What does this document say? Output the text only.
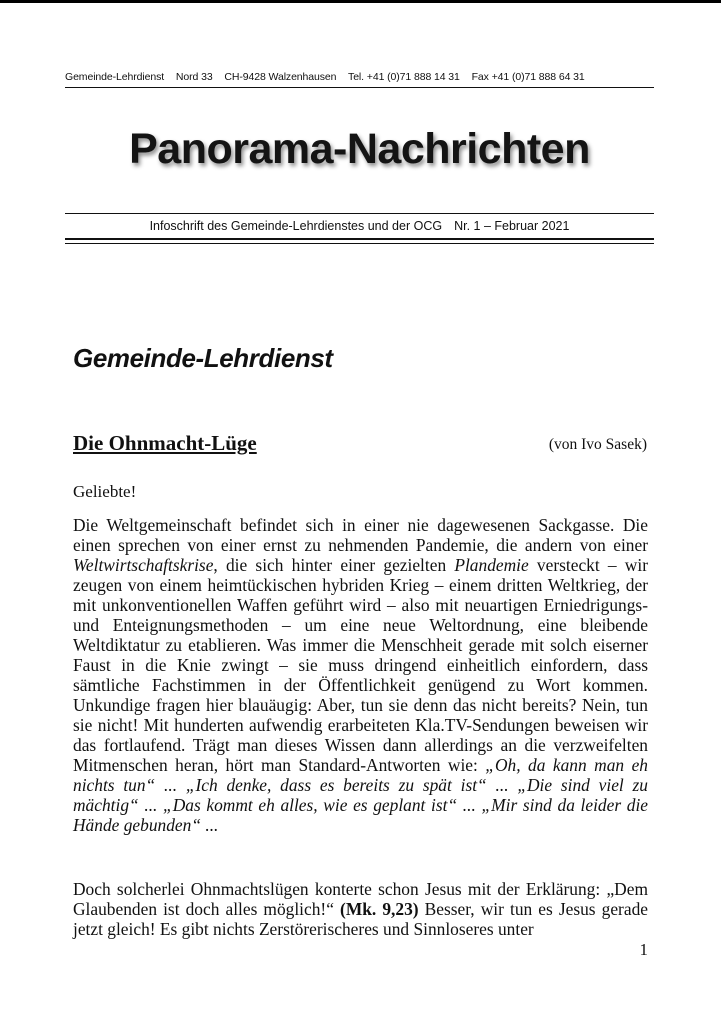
Gemeinde-Lehrdienst Nord 33 CH-9428 Walzenhausen Tel. +41 (0)71 888 14 31 Fax +41 (0)71 888 64 31
Panorama-Nachrichten
Infoschrift des Gemeinde-Lehrdienstes und der OCG Nr. 1 – Februar 2021
Gemeinde-Lehrdienst
Die Ohnmacht-Lüge	(von Ivo Sasek)
Geliebte!

Die Weltgemeinschaft befindet sich in einer nie dagewesenen Sackgasse. Die einen sprechen von einer ernst zu nehmenden Pandemie, die andern von einer Weltwirtschaftskrise, die sich hinter einer gezielten Plandemie versteckt – wir zeugen von einem heimtückischen hybriden Krieg – einem dritten Weltkrieg, der mit unkonventionellen Waffen geführt wird – also mit neuartigen Erniedrigungs- und Enteignungsmethoden – um eine neue Weltordnung, eine bleibende Weltdiktatur zu etablieren. Was immer die Menschheit gerade mit solch eiserner Faust in die Knie zwingt – sie muss dringend einheitlich einfordern, dass sämtliche Fachstimmen in der Öffentlichkeit genügend zu Wort kommen. Unkundige fragen hier blauäugig: Aber, tun sie denn das nicht bereits? Nein, tun sie nicht! Mit hunderten aufwendig erarbeiteten Kla.TV-Sendungen beweisen wir das fortlaufend. Trägt man dieses Wissen dann allerdings an die verzweifelten Mitmenschen heran, hört man Standard-Antworten wie: „Oh, da kann man eh nichts tun“ ... „Ich denke, dass es bereits zu spät ist“ ... „Die sind viel zu mächtig“ ... „Das kommt eh alles, wie es geplant ist“ ... „Mir sind da leider die Hände gebunden“ ...

Doch solcherlei Ohnmachtslügen konterte schon Jesus mit der Erklärung: „Dem Glaubenden ist doch alles möglich!“ (Mk. 9,23) Besser, wir tun es Jesus gerade jetzt gleich! Es gibt nichts Zerstörerischeres und Sinnloseres unter

1
